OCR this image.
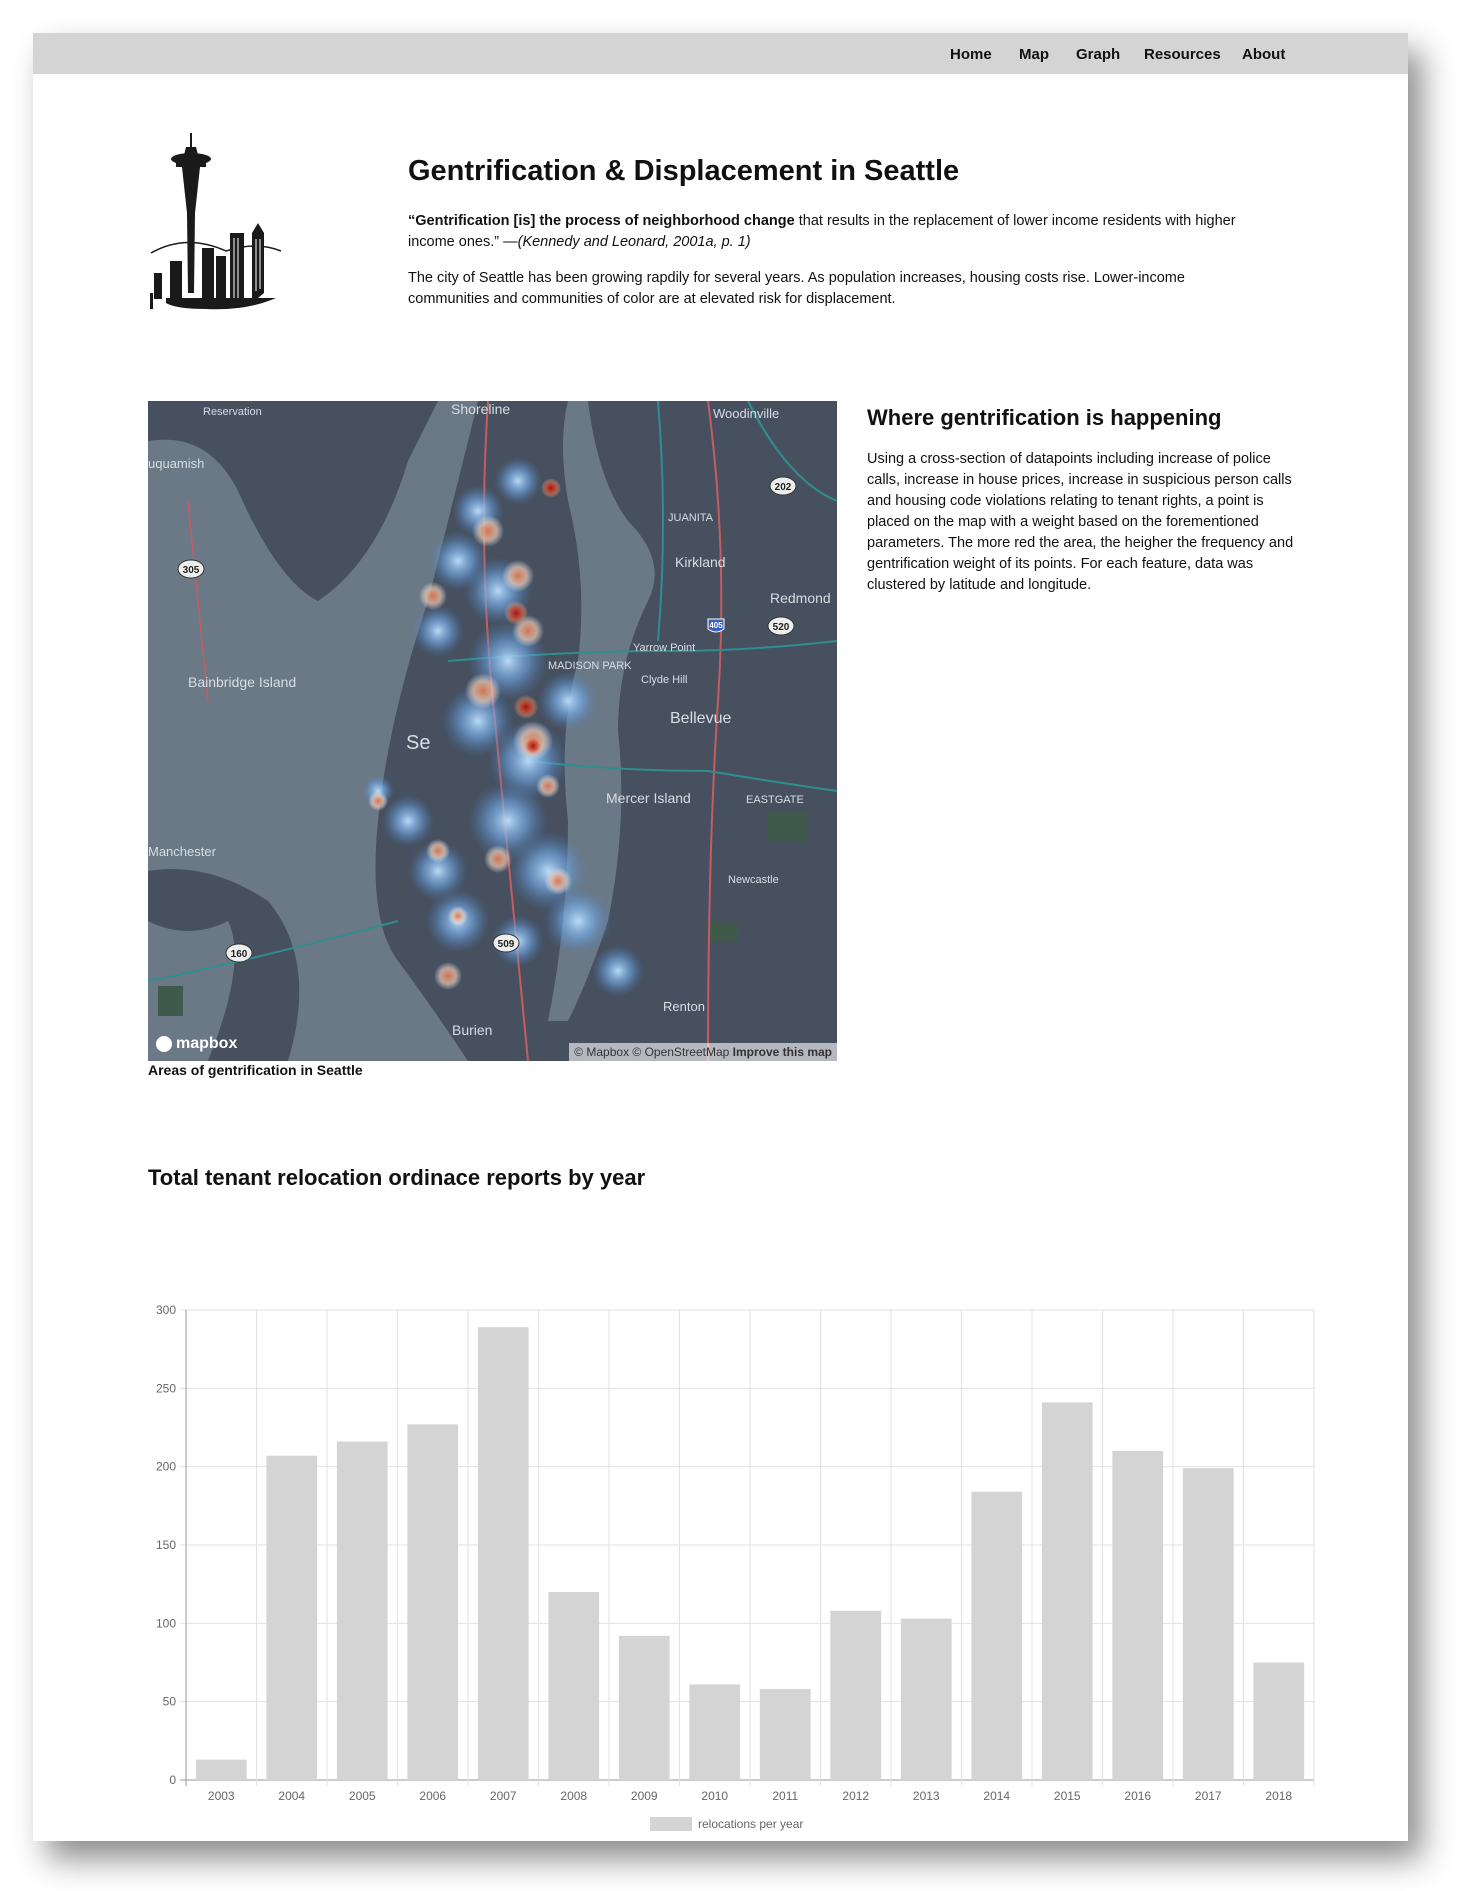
Home Map Graph Resources About
Gentrification & Displacement in Seattle

“Gentrification [is] the process of neighborhood change that results in the replacement of lower income residents with higher income ones.” —(Kennedy and Leonard, 2001a, p. 1)

The city of Seattle has been growing rapdily for several years. As population increases, housing costs rise. Lower-income communities and communities of color are at elevated risk for displacement.

Reservation
uquamish
Shoreline	Woodinville
Kirkland
Redmond
JUANITA
Yarrow Point
Clyde Hill
MADISON PARK
Bellevue
Bainbridge Island
Se
Mercer Island	EASTGATE
Newcastle
Manchester
Renton
Burien
305
202
520
405
509
160
mapbox	© Mapbox © OpenStreetMap Improve this map
Areas of gentrification in Seattle
Where gentrification is happening

Using a cross-section of datapoints including increase of police calls, increase in house prices, increase in suspicious person calls and housing code violations relating to tenant rights, a point is placed on the map with a weight based on the forementioned parameters. The more red the area, the heigher the frequency and gentrification weight of its points. For each feature, data was clustered by latitude and longitude.

Total tenant relocation ordinace reports by year
0
50
100
150
200
250
300
2003	2004	2005	2006	2007	2008	2009	2010	2011	2012	2013	2014	2015	2016	2017	2018
relocations per year
